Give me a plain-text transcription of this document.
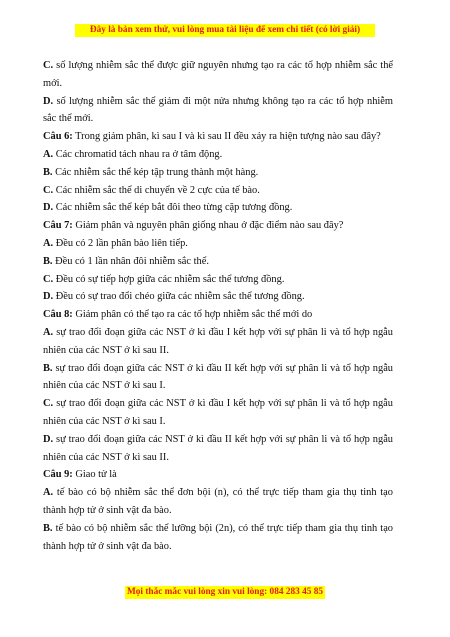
Đây là bản xem thử, vui lòng mua tài liệu để xem chi tiết (có lời giải)

C. số lượng nhiễm sắc thể được giữ nguyên nhưng tạo ra các tổ hợp nhiễm sắc thể mới.

D. số lượng nhiễm sắc thể giảm đi một nửa nhưng không tạo ra các tổ hợp nhiễm sắc thể mới.

Câu 6: Trong giảm phân, kì sau I và kì sau II đều xảy ra hiện tượng nào sau đây?

A. Các chromatid tách nhau ra ở tâm động.

B. Các nhiễm sắc thể kép tập trung thành một hàng.

C. Các nhiễm sắc thể di chuyển về 2 cực của tế bào.

D. Các nhiễm sắc thể kép bắt đôi theo từng cặp tương đồng.

Câu 7: Giảm phân và nguyên phân giống nhau ở đặc điểm nào sau đây?

A. Đều có 2 lần phân bào liên tiếp.

B. Đều có 1 lần nhân đôi nhiễm sắc thể.

C. Đều có sự tiếp hợp giữa các nhiễm sắc thể tương đồng.

D. Đều có sự trao đổi chéo giữa các nhiễm sắc thể tương đồng.

Câu 8: Giảm phân có thể tạo ra các tổ hợp nhiễm sắc thể mới do

A. sự trao đổi đoạn giữa các NST ở kì đầu I kết hợp với sự phân li và tổ hợp ngẫu nhiên của các NST ở kì sau II.

B. sự trao đổi đoạn giữa các NST ở kì đầu II kết hợp với sự phân li và tổ hợp ngẫu nhiên của các NST ở kì sau I.

C. sự trao đổi đoạn giữa các NST ở kì đầu I kết hợp với sự phân li và tổ hợp ngẫu nhiên của các NST ở kì sau I.

D. sự trao đổi đoạn giữa các NST ở kì đầu II kết hợp với sự phân li và tổ hợp ngẫu nhiên của các NST ở kì sau II.

Câu 9: Giao tử là

A. tế bào có bộ nhiễm sắc thể đơn bội (n), có thể trực tiếp tham gia thụ tinh tạo thành hợp tử ở sinh vật đa bào.

B. tế bào có bộ nhiễm sắc thể lưỡng bội (2n), có thể trực tiếp tham gia thụ tinh tạo thành hợp tử ở sinh vật đa bào.

Mọi thắc mắc vui lòng xin vui lòng: 084 283 45 85
